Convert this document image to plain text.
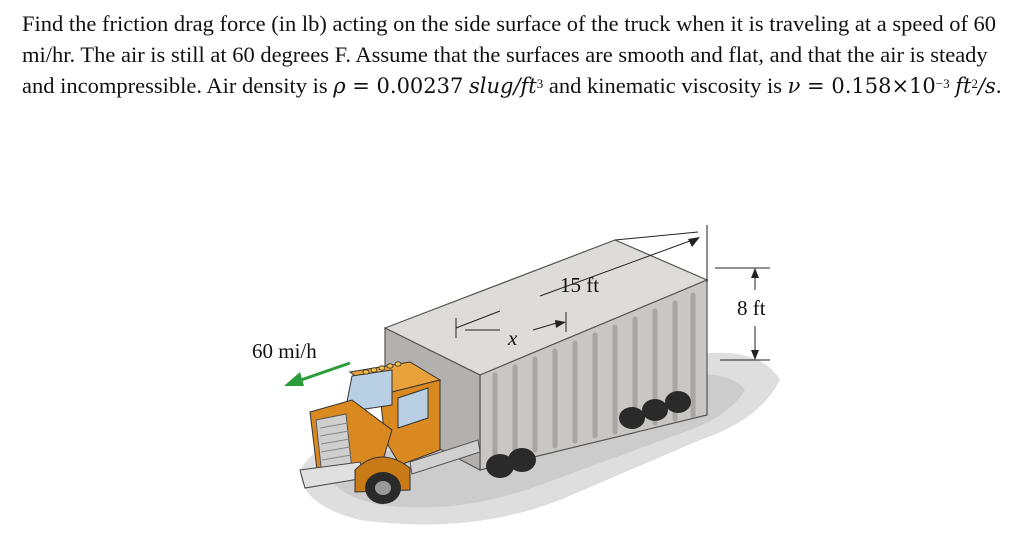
Find the friction drag force (in lb) acting on the side surface of the truck when it is traveling at a speed of 60 mi/hr. The air is still at 60 degrees F. Assume that the surfaces are smooth and flat, and that the air is steady and incompressible. Air density is ρ = 0.00237 slug/$ft^3$ and kinematic viscosity is $\nu = 0.158\times 10^{-3}$ $ft^2/s$.

60 mi/h
15 ft
x
8 ft
